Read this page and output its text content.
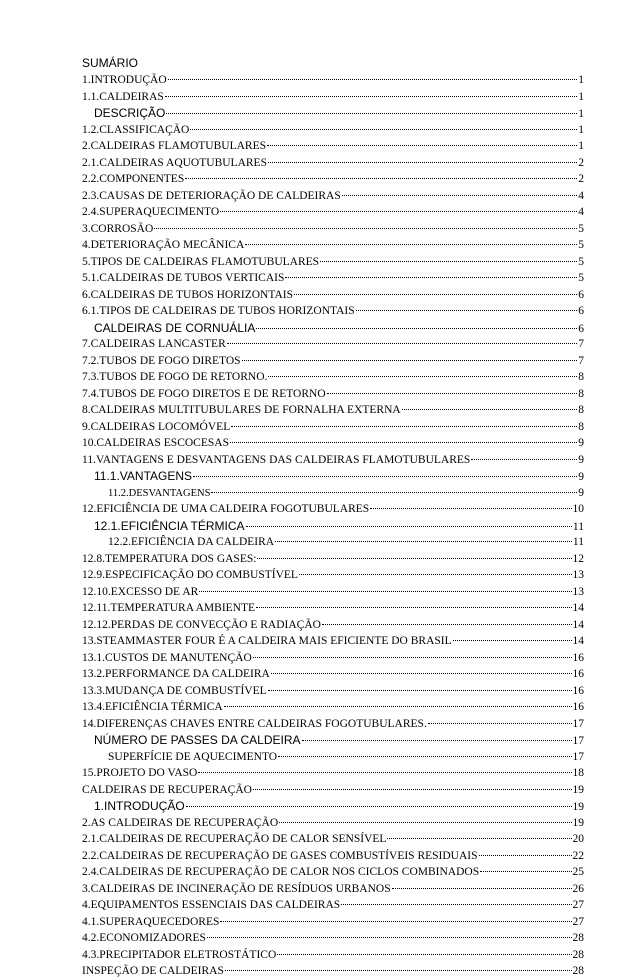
SUMÁRIO
1.INTRODUÇÃO	1
1.1.CALDEIRAS	1
DESCRIÇÃO	1
1.2.CLASSIFICAÇÃO	1
2.CALDEIRAS FLAMOTUBULARES	1
2.1.CALDEIRAS AQUOTUBULARES	2
2.2.COMPONENTES	2
2.3.CAUSAS DE DETERIORAÇÃO DE CALDEIRAS	4
2.4.SUPERAQUECIMENTO	4
3.CORROSÃO	5
4.DETERIORAÇÃO MECÂNICA	5
5.TIPOS DE CALDEIRAS FLAMOTUBULARES	5
5.1.CALDEIRAS DE TUBOS VERTICAIS	5
6.CALDEIRAS DE TUBOS HORIZONTAIS	6
6.1.TIPOS DE CALDEIRAS DE TUBOS HORIZONTAIS	6
CALDEIRAS DE CORNUÁLIA	6
7.CALDEIRAS LANCASTER	7
7.2.TUBOS DE FOGO DIRETOS	7
7.3.TUBOS DE FOGO DE RETORNO.	8
7.4.TUBOS DE FOGO DIRETOS E DE RETORNO	8
8.CALDEIRAS MULTITUBULARES DE FORNALHA EXTERNA	8
9.CALDEIRAS LOCOMÓVEL	8
10.CALDEIRAS ESCOCESAS	9
11.VANTAGENS E DESVANTAGENS DAS CALDEIRAS FLAMOTUBULARES	9
11.1.VANTAGENS	9
11.2.DESVANTAGENS	9
12.EFICIÊNCIA DE UMA CALDEIRA FOGOTUBULARES	10
12.1.EFICIÊNCIA TÉRMICA	11
12.2.EFICIÊNCIA DA CALDEIRA	11
12.8.TEMPERATURA DOS GASES:	12
12.9.ESPECIFICAÇÃO DO COMBUSTÍVEL	13
12.10.EXCESSO DE AR	13
12.11.TEMPERATURA AMBIENTE	14
12.12.PERDAS DE CONVECÇÃO E RADIAÇÃO	14
13.STEAMMASTER FOUR É A CALDEIRA MAIS EFICIENTE DO BRASIL	14
13.1.CUSTOS DE MANUTENÇÃO	16
13.2.PERFORMANCE DA CALDEIRA	16
13.3.MUDANÇA DE COMBUSTÍVEL	16
13.4.EFICIÊNCIA TÉRMICA	16
14.DIFERENÇAS CHAVES ENTRE CALDEIRAS FOGOTUBULARES.	17
NÚMERO DE PASSES DA CALDEIRA	17
SUPERFÍCIE DE AQUECIMENTO	17
15.PROJETO DO VASO	18
CALDEIRAS DE RECUPERAÇÃO	19
1.INTRODUÇÃO	19
2.AS CALDEIRAS DE RECUPERAÇÃO	19
2.1.CALDEIRAS DE RECUPERAÇÃO DE CALOR SENSÍVEL	20
2.2.CALDEIRAS DE RECUPERAÇÃO DE GASES COMBUSTÍVEIS RESIDUAIS	22
2.4.CALDEIRAS DE RECUPERAÇÃO DE CALOR NOS CICLOS COMBINADOS	25
3.CALDEIRAS DE INCINERAÇÃO DE RESÍDUOS URBANOS	26
4.EQUIPAMENTOS ESSENCIAIS DAS CALDEIRAS	27
4.1.SUPERAQUECEDORES	27
4.2.ECONOMIZADORES	28
4.3.PRECIPITADOR ELETROSTÁTICO	28
INSPEÇÃO DE CALDEIRAS	28
